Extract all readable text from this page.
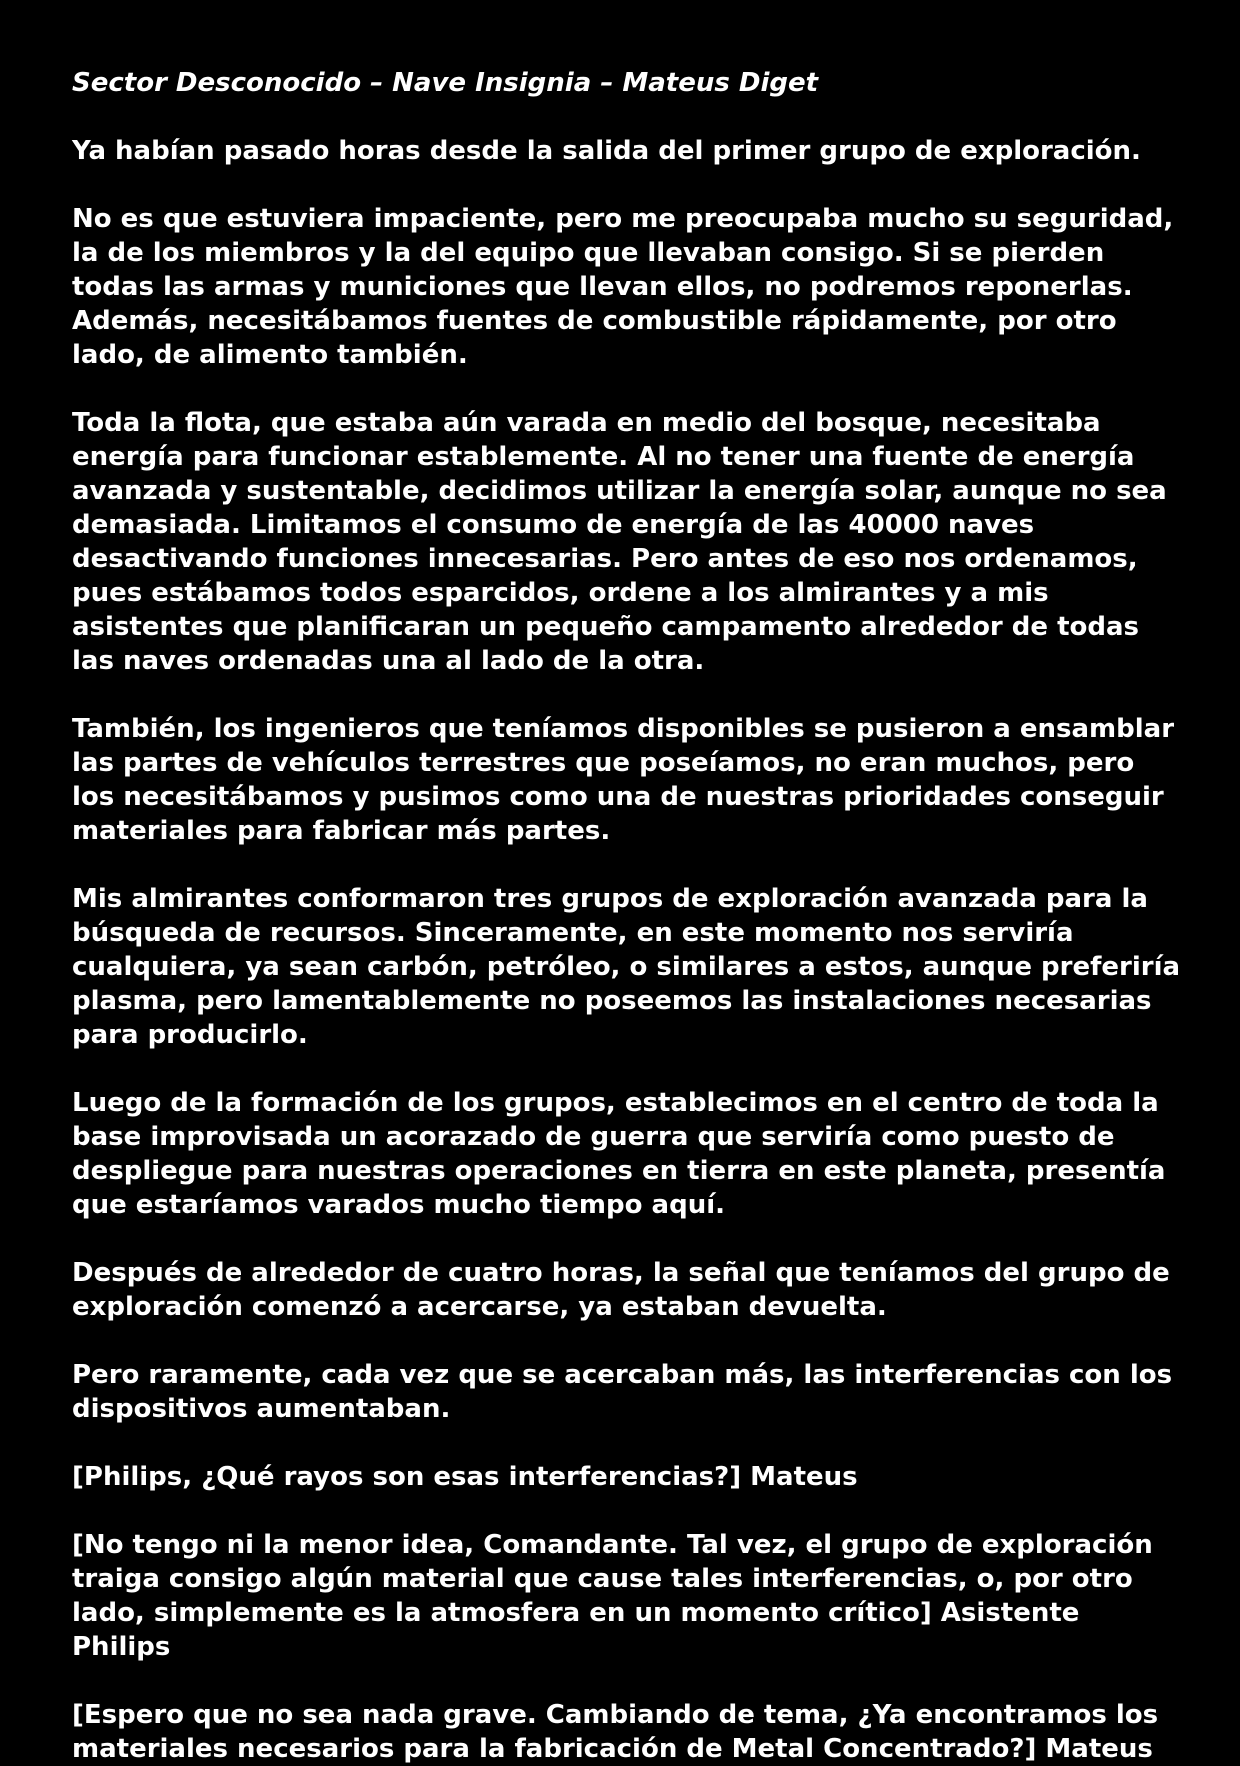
Sector Desconocido – Nave Insignia – Mateus Diget
Ya habían pasado horas desde la salida del primer grupo de exploración.
No es que estuviera impaciente, pero me preocupaba mucho su seguridad, la de los miembros y la del equipo que llevaban consigo. Si se pierden todas las armas y municiones que llevan ellos, no podremos reponerlas. Además, necesitábamos fuentes de combustible rápidamente, por otro lado, de alimento también.
Toda la flota, que estaba aún varada en medio del bosque, necesitaba energía para funcionar establemente. Al no tener una fuente de energía avanzada y sustentable, decidimos utilizar la energía solar, aunque no sea demasiada. Limitamos el consumo de energía de las 40000 naves desactivando funciones innecesarias. Pero antes de eso nos ordenamos, pues estábamos todos esparcidos, ordene a los almirantes y a mis asistentes que planificaran un pequeño campamento alrededor de todas las naves ordenadas una al lado de la otra.
También, los ingenieros que teníamos disponibles se pusieron a ensamblar las partes de vehículos terrestres que poseíamos, no eran muchos, pero los necesitábamos y pusimos como una de nuestras prioridades conseguir materiales para fabricar más partes.
Mis almirantes conformaron tres grupos de exploración avanzada para la búsqueda de recursos. Sinceramente, en este momento nos serviría cualquiera, ya sean carbón, petróleo, o similares a estos, aunque preferiría plasma, pero lamentablemente no poseemos las instalaciones necesarias para producirlo.
Luego de la formación de los grupos, establecimos en el centro de toda la base improvisada un acorazado de guerra que serviría como puesto de despliegue para nuestras operaciones en tierra en este planeta, presentía que estaríamos varados mucho tiempo aquí.
Después de alrededor de cuatro horas, la señal que teníamos del grupo de exploración comenzó a acercarse, ya estaban devuelta.
Pero raramente, cada vez que se acercaban más, las interferencias con los dispositivos aumentaban.
[Philips, ¿Qué rayos son esas interferencias?] Mateus
[No tengo ni la menor idea, Comandante. Tal vez, el grupo de exploración traiga consigo algún material que cause tales interferencias, o, por otro lado, simplemente es la atmosfera en un momento crítico] Asistente Philips
[Espero que no sea nada grave. Cambiando de tema, ¿Ya encontramos los materiales necesarios para la fabricación de Metal Concentrado?] Mateus
